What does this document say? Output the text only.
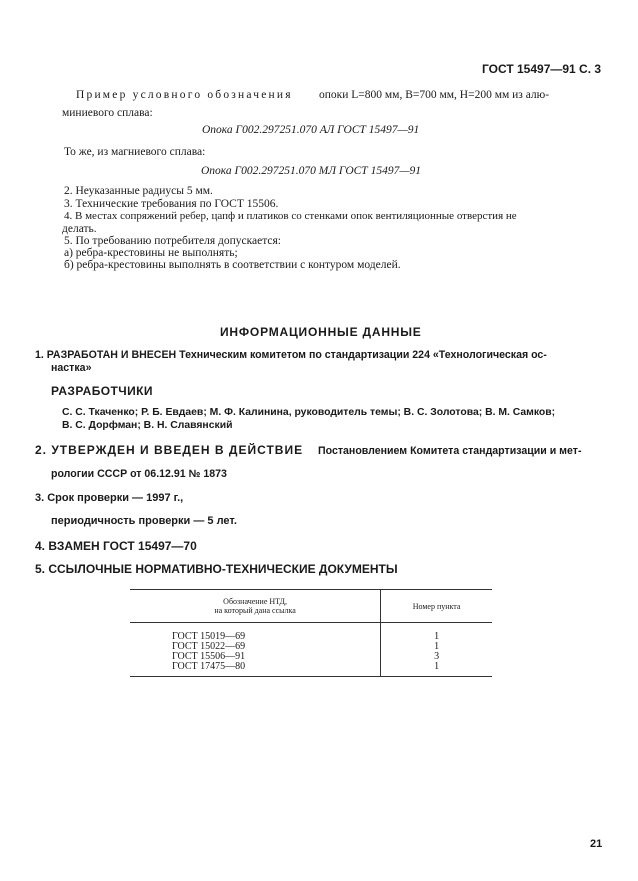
ГОСТ 15497—91 С. 3
Пример условного обозначения опоки L=800 мм, B=700 мм, H=200 мм из алю-
миниевого сплава:
Опока Г002.297251.070 АЛ ГОСТ 15497—91
То же, из магниевого сплава:
Опока Г002.297251.070 МЛ ГОСТ 15497—91
2. Неуказанные радиусы 5 мм.
3. Технические требования по ГОСТ 15506.
4. В местах сопряжений ребер, цапф и платиков со стенками опок вентиляционные отверстия не
делать.
5. По требованию потребителя допускается:
а) ребра-крестовины не выполнять;
б) ребра-крестовины выполнять в соответствии с контуром моделей.
ИНФОРМАЦИОННЫЕ ДАННЫЕ
1. РАЗРАБОТАН И ВНЕСЕН Техническим комитетом по стандартизации 224 «Технологическая ос-
настка»
РАЗРАБОТЧИКИ
С. С. Ткаченко; Р. Б. Евдаев; М. Ф. Калинина, руководитель темы; В. С. Золотова; В. М. Самков;
В. С. Дорфман; В. Н. Славянский
2. УТВЕРЖДЕН И ВВЕДЕН В ДЕЙСТВИЕ Постановлением Комитета стандартизации и мет-
рологии СССР от 06.12.91 № 1873
3. Срок проверки — 1997 г.,
периодичность проверки — 5 лет.
4. ВЗАМЕН ГОСТ 15497—70
5. ССЫЛОЧНЫЕ НОРМАТИВНО-ТЕХНИЧЕСКИЕ ДОКУМЕНТЫ
Обозначение НТД,
на который дана ссылка	Номер пункта
ГОСТ 15019—69	1
ГОСТ 15022—69	1
ГОСТ 15506—91	3
ГОСТ 17475—80	1
21
